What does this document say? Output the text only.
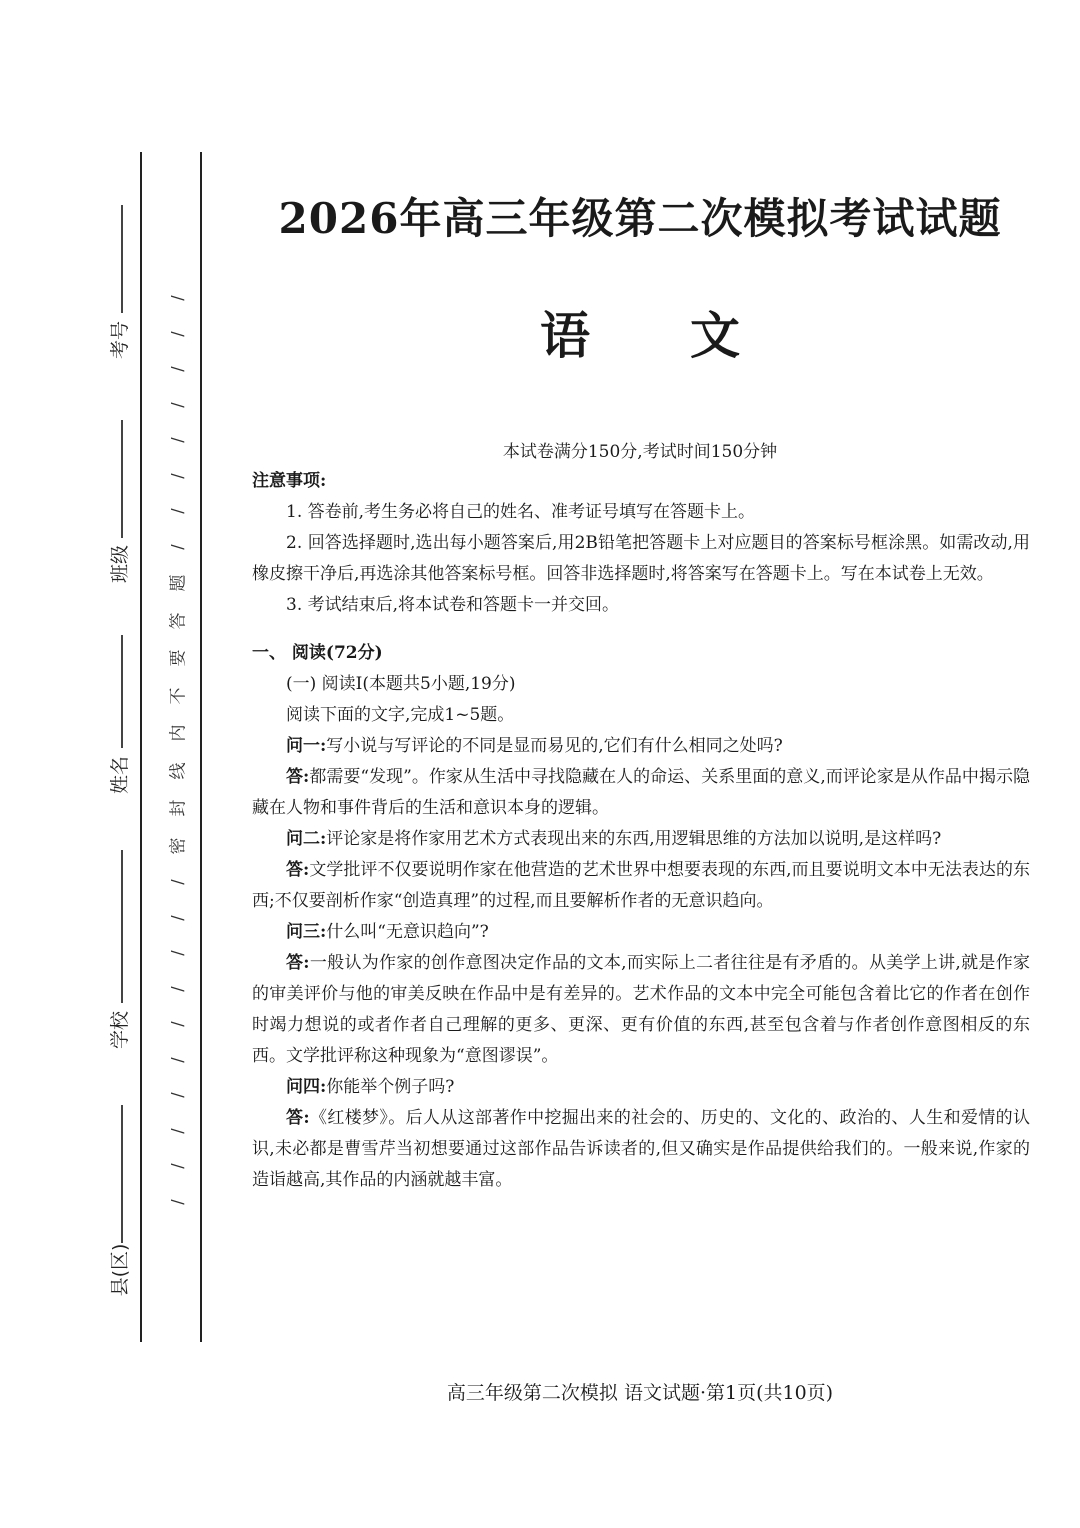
考号
班级
姓名
学校
县(区)
/
/
/
/
/
/
/
/
题
答
要
不
内
线
封
密
/
/
/
/
/
/
/
/
/
/
2026年高三年级第二次模拟考试试题
语文
本试卷满分150分,考试时间150分钟

注意事项:

1. 答卷前,考生务必将自己的姓名、准考证号填写在答题卡上。

2. 回答选择题时,选出每小题答案后,用2B铅笔把答题卡上对应题目的答案标号框涂黑。如需改动,用橡皮擦干净后,再选涂其他答案标号框。回答非选择题时,将答案写在答题卡上。写在本试卷上无效。

3. 考试结束后,将本试卷和答题卡一并交回。

一、 阅读(72分)

(一) 阅读Ⅰ(本题共5小题,19分)

阅读下面的文字,完成1~5题。

问一:写小说与写评论的不同是显而易见的,它们有什么相同之处吗?

答:都需要“发现”。作家从生活中寻找隐藏在人的命运、关系里面的意义,而评论家是从作品中揭示隐藏在人物和事件背后的生活和意识本身的逻辑。

问二:评论家是将作家用艺术方式表现出来的东西,用逻辑思维的方法加以说明,是这样吗?

答:文学批评不仅要说明作家在他营造的艺术世界中想要表现的东西,而且要说明文本中无法表达的东西;不仅要剖析作家“创造真理”的过程,而且要解析作者的无意识趋向。

问三:什么叫“无意识趋向”?

答:一般认为作家的创作意图决定作品的文本,而实际上二者往往是有矛盾的。从美学上讲,就是作家的审美评价与他的审美反映在作品中是有差异的。艺术作品的文本中完全可能包含着比它的作者在创作时竭力想说的或者作者自己理解的更多、更深、更有价值的东西,甚至包含着与作者创作意图相反的东西。文学批评称这种现象为“意图谬误”。

问四:你能举个例子吗?

答:《红楼梦》。后人从这部著作中挖掘出来的社会的、历史的、文化的、政治的、人生和爱情的认识,未必都是曹雪芹当初想要通过这部作品告诉读者的,但又确实是作品提供给我们的。一般来说,作家的造诣越高,其作品的内涵就越丰富。

高三年级第二次模拟 语文试题·第1页(共10页)
